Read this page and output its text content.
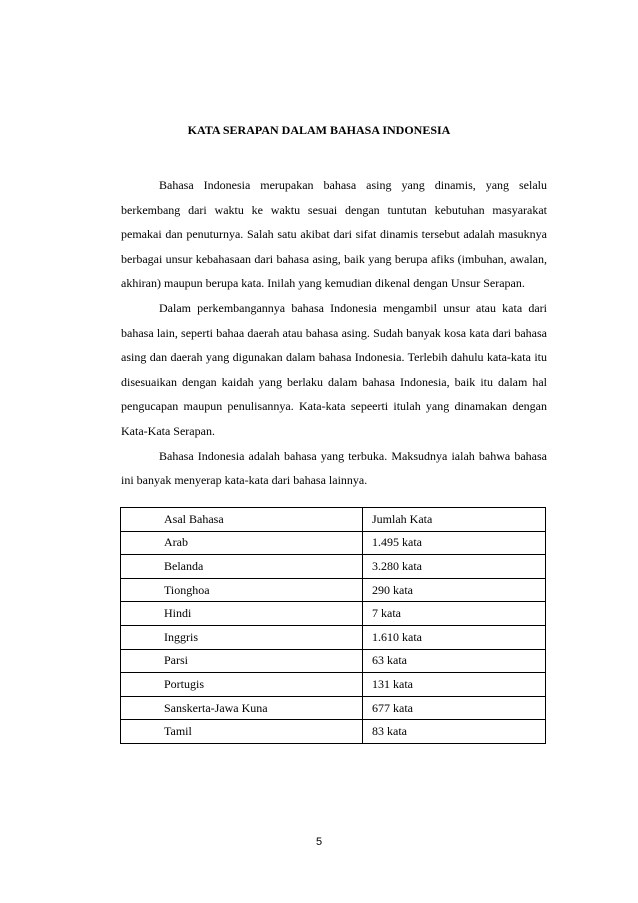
KATA SERAPAN DALAM BAHASA INDONESIA

Bahasa Indonesia merupakan bahasa asing yang dinamis, yang selalu berkembang dari waktu ke waktu sesuai dengan tuntutan kebutuhan masyarakat pemakai dan penuturnya. Salah satu akibat dari sifat dinamis tersebut adalah masuknya berbagai unsur kebahasaan dari bahasa asing, baik yang berupa afiks (imbuhan, awalan, akhiran) maupun berupa kata. Inilah yang kemudian dikenal dengan Unsur Serapan.

Dalam perkembangannya bahasa Indonesia mengambil unsur atau kata dari bahasa lain, seperti bahaa daerah atau bahasa asing. Sudah banyak kosa kata dari bahasa asing dan daerah yang digunakan dalam bahasa Indonesia. Terlebih dahulu kata-kata itu disesuaikan dengan kaidah yang berlaku dalam bahasa Indonesia, baik itu dalam hal pengucapan maupun penulisannya. Kata-kata sepeerti itulah yang dinamakan dengan Kata-Kata Serapan.

Bahasa Indonesia adalah bahasa yang terbuka. Maksudnya ialah bahwa bahasa ini banyak menyerap kata-kata dari bahasa lainnya.

Asal Bahasa	Jumlah Kata
Arab	1.495 kata
Belanda	3.280 kata
Tionghoa	290 kata
Hindi	7 kata
Inggris	1.610 kata
Parsi	63 kata
Portugis	131 kata
Sanskerta-Jawa Kuna	677 kata
Tamil	83 kata
5
